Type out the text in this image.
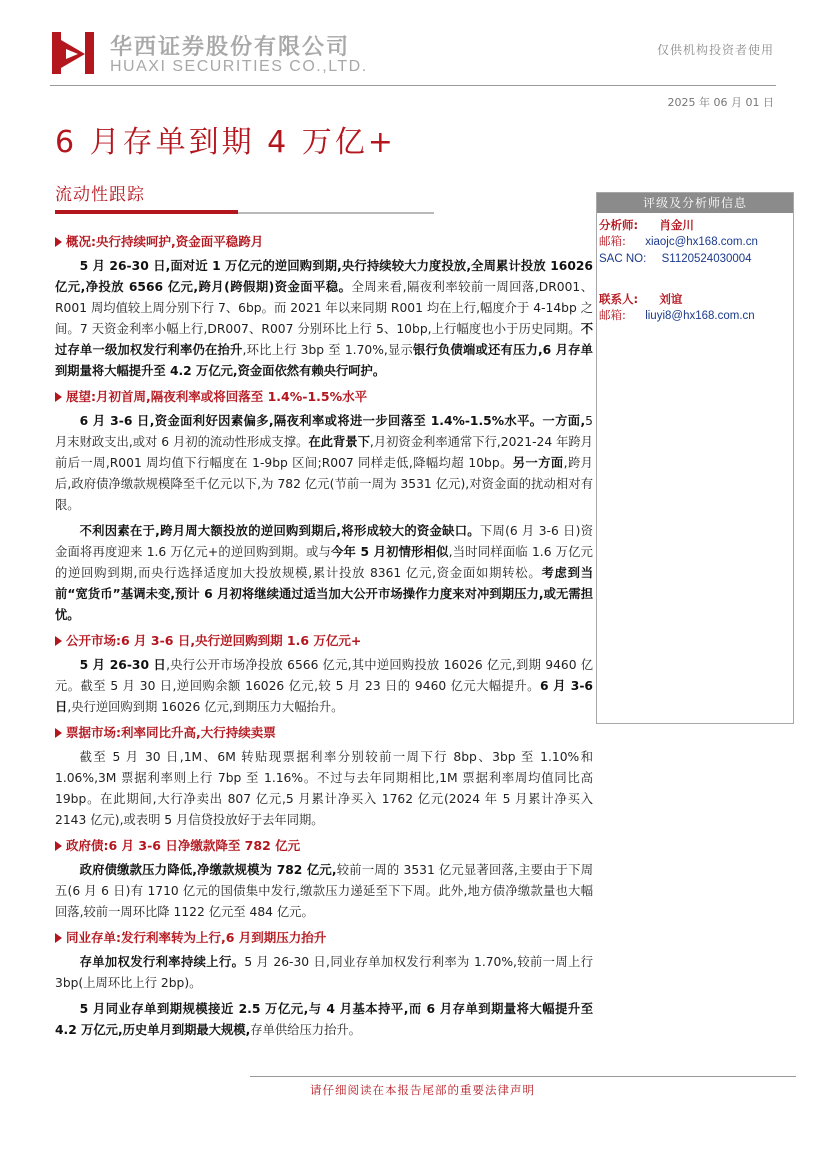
华西证券股份有限公司
HUAXI SECURITIES CO.,LTD.
仅供机构投资者使用
2025 年 06 月 01 日
6 月存单到期 4 万亿+
流动性跟踪
概况:央行持续呵护,资金面平稳跨月
5 月 26-30 日,面对近 1 万亿元的逆回购到期,央行持续较大力度投放,全周累计投放 16026 亿元,净投放 6566 亿元,跨月(跨假期)资金面平稳。全周来看,隔夜利率较前一周回落,DR001、R001 周均值较上周分别下行 7、6bp。而 2021 年以来同期 R001 均在上行,幅度介于 4-14bp 之间。7 天资金利率小幅上行,DR007、R007 分别环比上行 5、10bp,上行幅度也小于历史同期。不过存单一级加权发行利率仍在抬升,环比上行 3bp 至 1.70%,显示银行负债端或还有压力,6 月存单到期量将大幅提升至 4.2 万亿元,资金面依然有赖央行呵护。
展望:月初首周,隔夜利率或将回落至 1.4%-1.5%水平
6 月 3-6 日,资金面利好因素偏多,隔夜利率或将进一步回落至 1.4%-1.5%水平。一方面,5 月末财政支出,或对 6 月初的流动性形成支撑。在此背景下,月初资金利率通常下行,2021-24 年跨月前后一周,R001 周均值下行幅度在 1-9bp 区间;R007 同样走低,降幅均超 10bp。另一方面,跨月后,政府债净缴款规模降至千亿元以下,为 782 亿元(节前一周为 3531 亿元),对资金面的扰动相对有限。
不利因素在于,跨月周大额投放的逆回购到期后,将形成较大的资金缺口。下周(6 月 3-6 日)资金面将再度迎来 1.6 万亿元+的逆回购到期。或与今年 5 月初情形相似,当时同样面临 1.6 万亿元的逆回购到期,而央行选择适度加大投放规模,累计投放 8361 亿元,资金面如期转松。考虑到当前“宽货币”基调未变,预计 6 月初将继续通过适当加大公开市场操作力度来对冲到期压力,或无需担忧。
公开市场:6 月 3-6 日,央行逆回购到期 1.6 万亿元+
5 月 26-30 日,央行公开市场净投放 6566 亿元,其中逆回购投放 16026 亿元,到期 9460 亿元。截至 5 月 30 日,逆回购余额 16026 亿元,较 5 月 23 日的 9460 亿元大幅提升。6 月 3-6 日,央行逆回购到期 16026 亿元,到期压力大幅抬升。
票据市场:利率同比升高,大行持续卖票
截至 5 月 30 日,1M、6M 转贴现票据利率分别较前一周下行 8bp、3bp 至 1.10%和 1.06%,3M 票据利率则上行 7bp 至 1.16%。不过与去年同期相比,1M 票据利率周均值同比高 19bp。在此期间,大行净卖出 807 亿元,5 月累计净买入 1762 亿元(2024 年 5 月累计净买入 2143 亿元),或表明 5 月信贷投放好于去年同期。
政府债:6 月 3-6 日净缴款降至 782 亿元
政府债缴款压力降低,净缴款规模为 782 亿元,较前一周的 3531 亿元显著回落,主要由于下周五(6 月 6 日)有 1710 亿元的国债集中发行,缴款压力递延至下下周。此外,地方债净缴款量也大幅回落,较前一周环比降 1122 亿元至 484 亿元。
同业存单:发行利率转为上行,6 月到期压力抬升
存单加权发行利率持续上行。5 月 26-30 日,同业存单加权发行利率为 1.70%,较前一周上行 3bp(上周环比上行 2bp)。
5 月同业存单到期规模接近 2.5 万亿元,与 4 月基本持平,而 6 月存单到期量将大幅提升至 4.2 万亿元,历史单月到期最大规模,存单供给压力抬升。
评级及分析师信息
分析师: 肖金川
邮箱: xiaojc@hx168.com.cn
SAC NO: S1120524030004
联系人: 刘谊
邮箱: liuyi8@hx168.com.cn
请仔细阅读在本报告尾部的重要法律声明
